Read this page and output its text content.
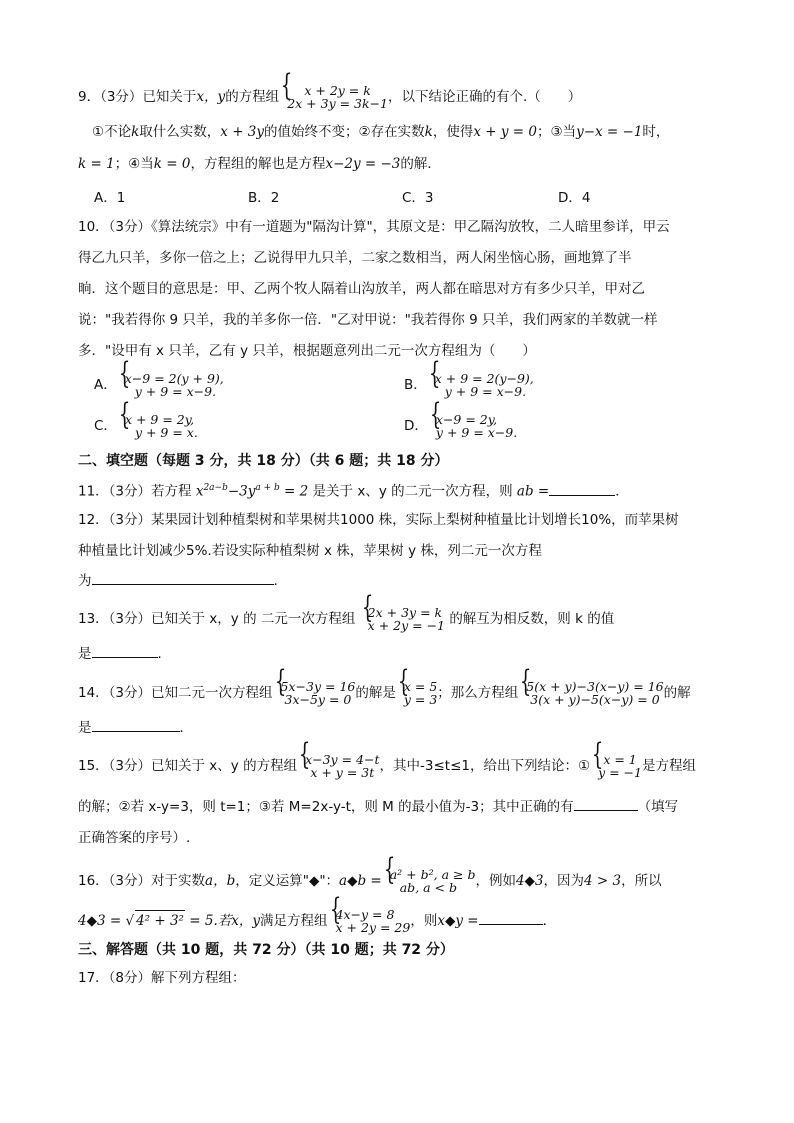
9．（3分）已知关于x，y的方程组	{ x + 2y = k
2x + 3y = 3k−1 ，以下结论正确的有个.（　　）
①不论k取什么实数，x + 3y的值始终不变；②存在实数k，使得x + y = 0；③当y−x = −1时，
k = 1；④当k = 0，方程组的解也是方程x−2y = −3的解．
A．1	B．2	C．3	D．4
10．（3分）《算法统宗》中有一道题为"隔沟计算"，其原文是：甲乙隔沟放牧，二人暗里参详，甲云
得乙九只羊，多你一倍之上；乙说得甲九只羊，二家之数相当，两人闲坐恼心肠，画地算了半
晌．这个题目的意思是：甲、乙两个牧人隔着山沟放羊，两人都在暗思对方有多少只羊，甲对乙
说："我若得你 9 只羊，我的羊多你一倍．"乙对甲说："我若得你 9 只羊，我们两家的羊数就一样
多．"设甲有 x 只羊，乙有 y 只羊，根据题意列出二元一次方程组为（　　）
A． { x−9 = 2(y + 9),
y + 9 = x−9.	B． { x + 9 = 2(y−9),
y + 9 = x−9.
C． { x + 9 = 2y,
y + 9 = x.	D． { x−9 = 2y,
y + 9 = x−9.
二、填空题（每题 3 分，共 18 分）（共 6 题；共 18 分）
11．（3分）若方程 $x^{2a-b}-3y^{a + b} = 2$ 是关于 x、y 的二元一次方程，则 ab =	．
12．（3分）某果园计划种植梨树和苹果树共1000 株，实际上梨树种植量比计划增长10%，而苹果树
种植量比计划减少5%.若设实际种植梨树 x 株，苹果树 y 株，列二元一次方程
为	.
13．（3分）已知关于 x，y 的 二元一次方程组 { 2x + 3y = k
x + 2y = −1 的解互为相反数，则 k 的值
是	．
14．（3分）已知二元一次方程组 { 5x−3y = 16
3x−5y = 0 的解是 { x = 5
y = 3 ；那么方程组 { 5(x + y)−3(x−y) = 16
3(x + y)−5(x−y) = 0 的解
是	．
15．（3分）已知关于 x、y 的方程组 { x−3y = 4−t
x + y = 3t ，其中-3≤t≤1，给出下列结论：①	{ x = 1
y = −1 是方程组
的解；②若 x-y=3，则 t=1；③若 M=2x-y-t，则 M 的最小值为-3；其中正确的有	（填写
正确答案的序号）.
16．（3分）对于实数a，b，定义运算"◆"：a◆b = { a² + b², a ≥ b
ab, a < b	，例如4◆3，因为4 > 3，所以
4◆3 = √ 4² + 3² = 5.若x，y满足方程组 { 4x−y = 8
x + 2y = 29 ，则x◆y =	．
三、解答题（共 10 题，共 72 分）（共 10 题；共 72 分）
17．（8分）解下列方程组：
